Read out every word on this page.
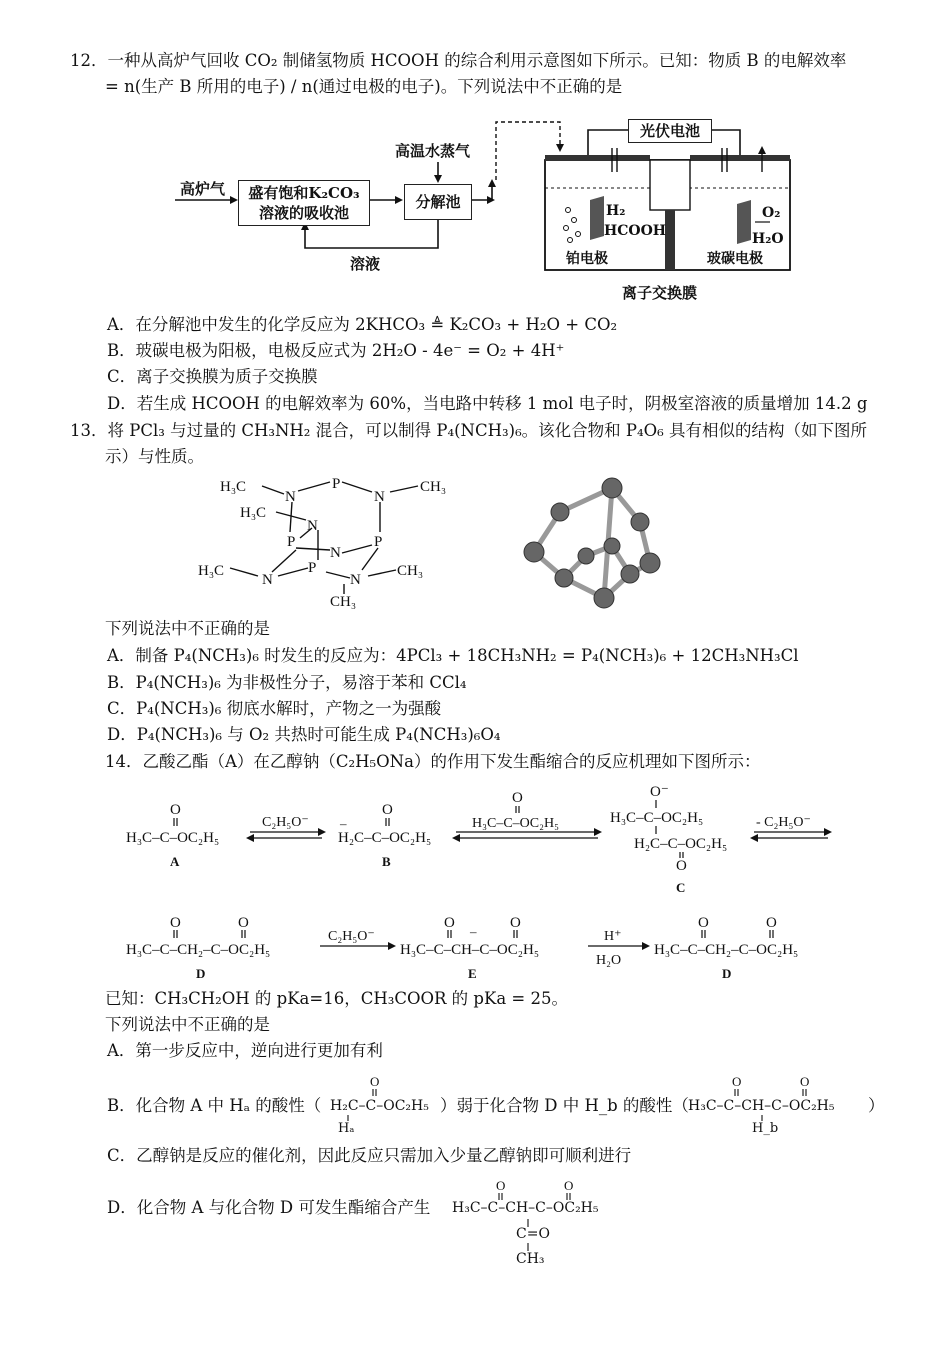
12．一种从高炉气回收 CO₂ 制储氢物质 HCOOH 的综合利用示意图如下所示。已知：物质 B 的电解效率
= n(生产 B 所用的电子) / n(通过电极的电子)。下列说法中不正确的是
高炉气 盛有饱和K₂CO₃溶液的吸收池
高温水蒸气
分解池
溶液
光伏电池
H₂
HCOOH
O₂
H₂O
铂电极	玻碳电极
离子交换膜
A．在分解池中发生的化学反应为 2KHCO₃ ≜ K₂CO₃ + H₂O + CO₂
B．玻碳电极为阳极，电极反应式为 2H₂O - 4e⁻ = O₂ + 4H⁺
C．离子交换膜为质子交换膜
D．若生成 HCOOH 的电解效率为 60%，当电路中转移 1 mol 电子时，阴极室溶液的质量增加 14.2 g
13．将 PCl₃ 与过量的 CH₃NH₂ 混合，可以制得 P₄(NCH₃)₆。该化合物和 P₄O₆ 具有相似的结构（如下图所
示）与性质。
H₃C
N
P
N
CH₃
H₃C
N
P
N
P
H₃C
N
P
N
CH₃
CH₃
下列说法中不正确的是
A．制备 P₄(NCH₃)₆ 时发生的反应为：4PCl₃ + 18CH₃NH₂ = P₄(NCH₃)₆ + 12CH₃NH₃Cl
B．P₄(NCH₃)₆ 为非极性分子，易溶于苯和 CCl₄
C．P₄(NCH₃)₆ 彻底水解时，产物之一为强酸
D．P₄(NCH₃)₆ 与 O₂ 共热时可能生成 P₄(NCH₃)₆O₄
14．乙酸乙酯（A）在乙醇钠（C₂H₅ONa）的作用下发生酯缩合的反应机理如下图所示：
O
H₃C–C–OC₂H₅
A
C₂H₅O⁻
O
H₂C–C–OC₂H₅
–
B
O
H₃C–C–OC₂H₅
O⁻
H₃C–C–OC₂H₅
H₂C–C–OC₂H₅
O
C
- C₂H₅O⁻
O	O
H₃C–C–CH₂–C–OC₂H₅
D
C₂H₅O⁻
O
–
O
H₃C–C–CH–C–OC₂H₅
E
H⁺
H₂O
O	O
H₃C–C–CH₂–C–OC₂H₅
D
已知：CH₃CH₂OH 的 pKa=16，CH₃COOR 的 pKa = 25。
下列说法中不正确的是
A．第一步反应中，逆向进行更加有利
B．化合物 A 中 Hₐ 的酸性（ H₂C–C–OC₂H₅
Hₐ
）弱于化合物 D 中 H_b 的酸性（ H₃C–C–CH–C–OC₂H₅
H_b
）
O	O	O
O	O
C．乙醇钠是反应的催化剂，因此反应只需加入少量乙醇钠即可顺利进行
D．化合物 A 与化合物 D 可发生酯缩合产生 H₃C–C–CH–C–OC₂H₅
C=O
CH₃
